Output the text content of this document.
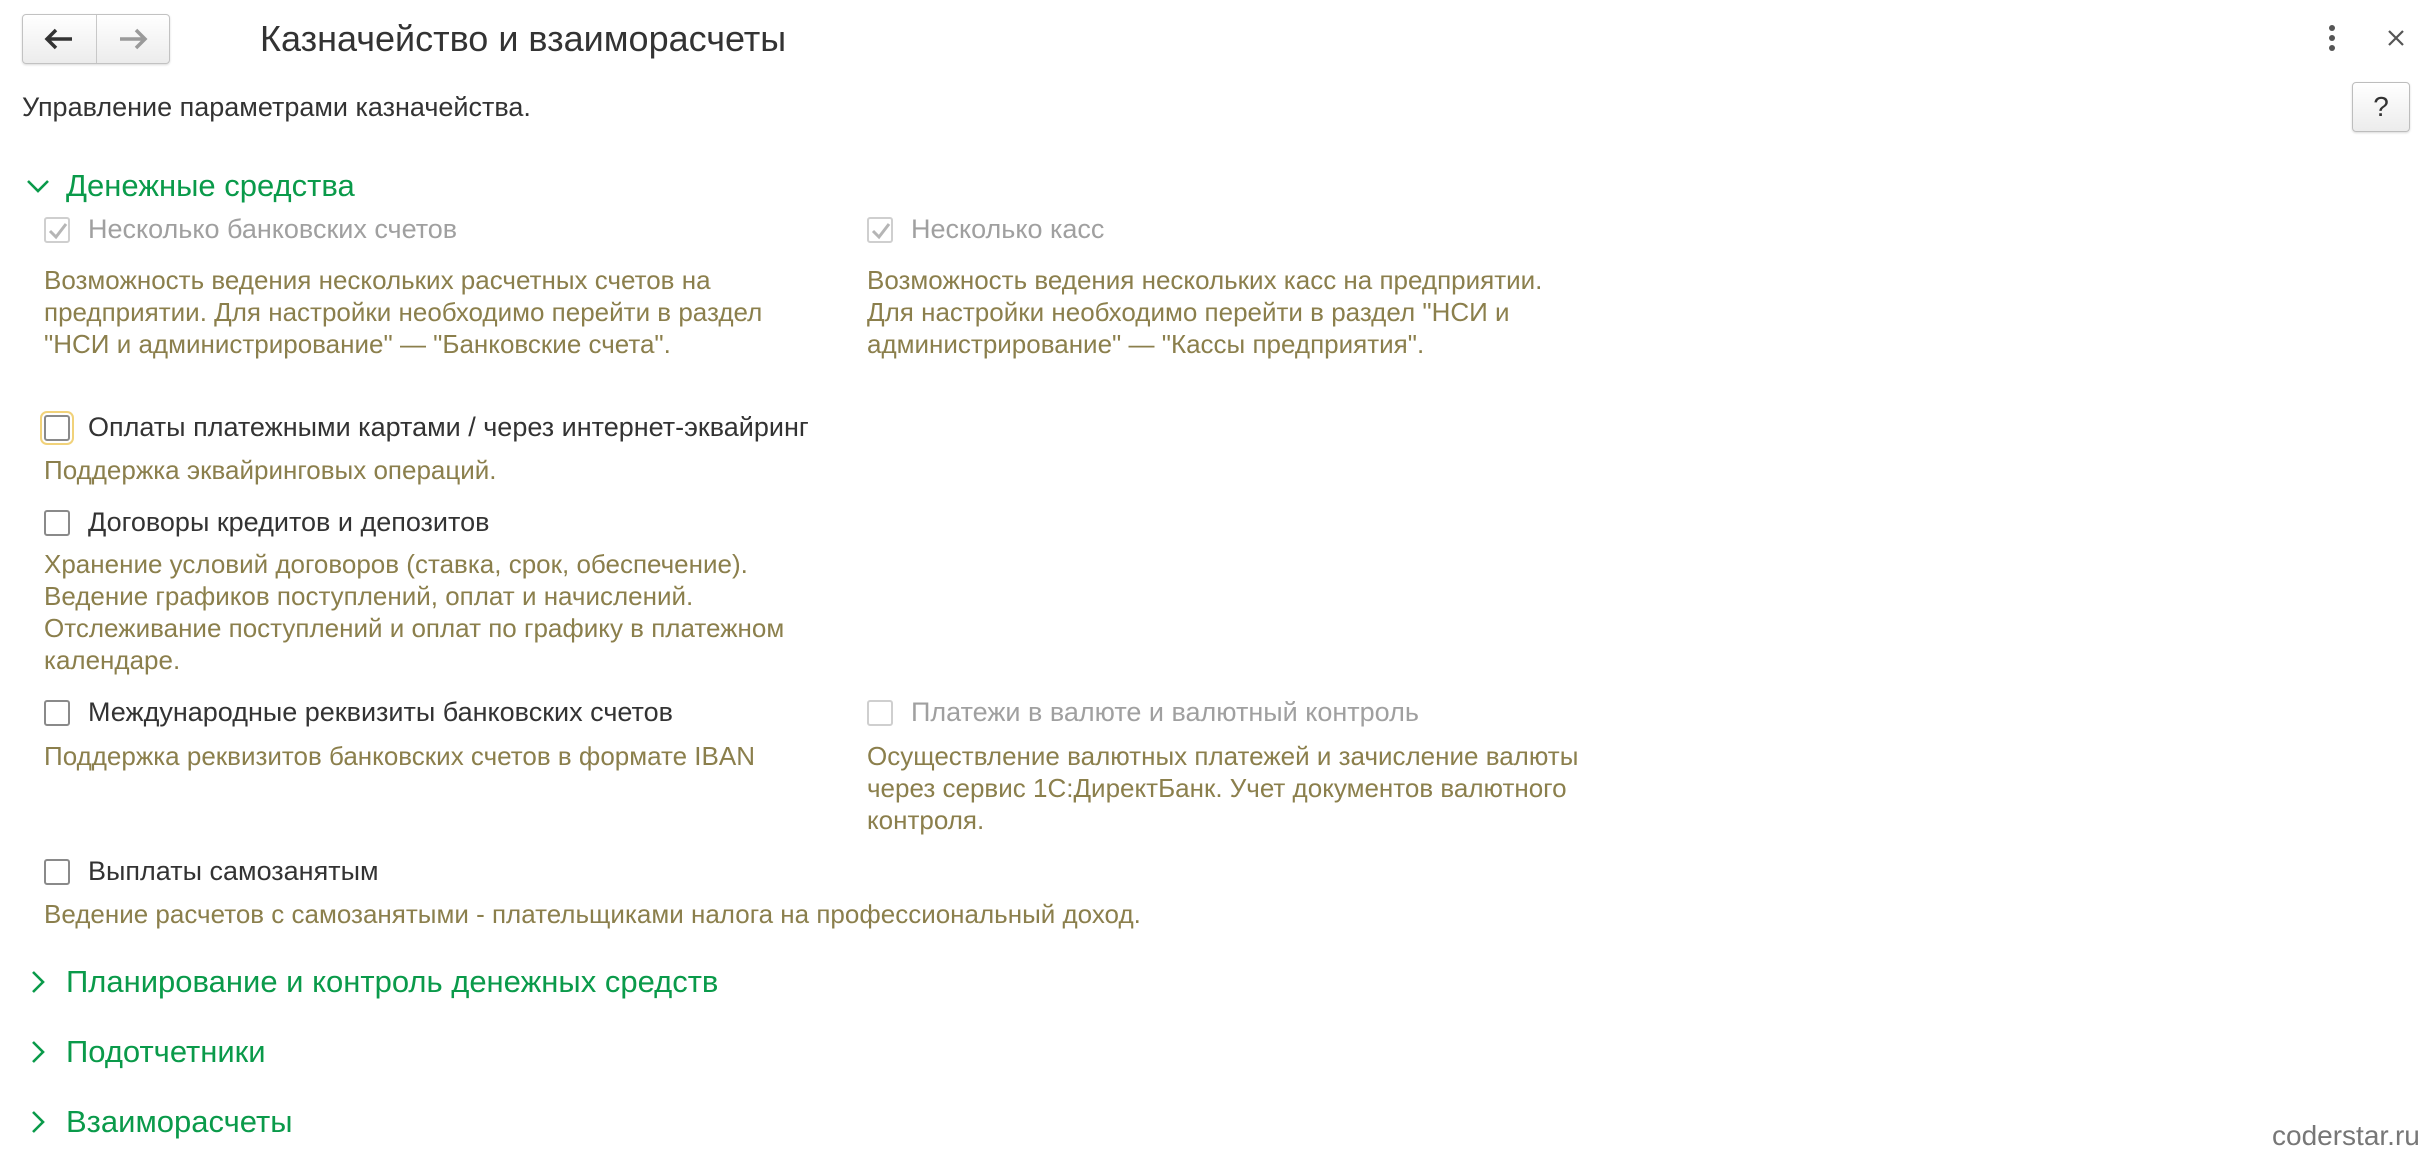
Казначейство и взаиморасчеты
Управление параметрами казначейства.	?
Денежные средства
Несколько банковских счетов
Возможность ведения нескольких расчетных счетов на
предприятии. Для настройки необходимо перейти в раздел
"НСИ и администрирование" — "Банковские счета".
Несколько касс
Возможность ведения нескольких касс на предприятии.
Для настройки необходимо перейти в раздел "НСИ и
администрирование" — "Кассы предприятия".
Оплаты платежными картами / через интернет-эквайринг
Поддержка эквайринговых операций.
Договоры кредитов и депозитов
Хранение условий договоров (ставка, срок, обеспечение).
Ведение графиков поступлений, оплат и начислений.
Отслеживание поступлений и оплат по графику в платежном
календаре.
Международные реквизиты банковских счетов
Поддержка реквизитов банковских счетов в формате IBAN
Платежи в валюте и валютный контроль
Осуществление валютных платежей и зачисление валюты
через сервис 1С:ДиректБанк. Учет документов валютного
контроля.
Выплаты самозанятым
Ведение расчетов с самозанятыми - плательщиками налога на профессиональный доход.
Планирование и контроль денежных средств
Подотчетники
Взаиморасчеты	coderstar.ru
